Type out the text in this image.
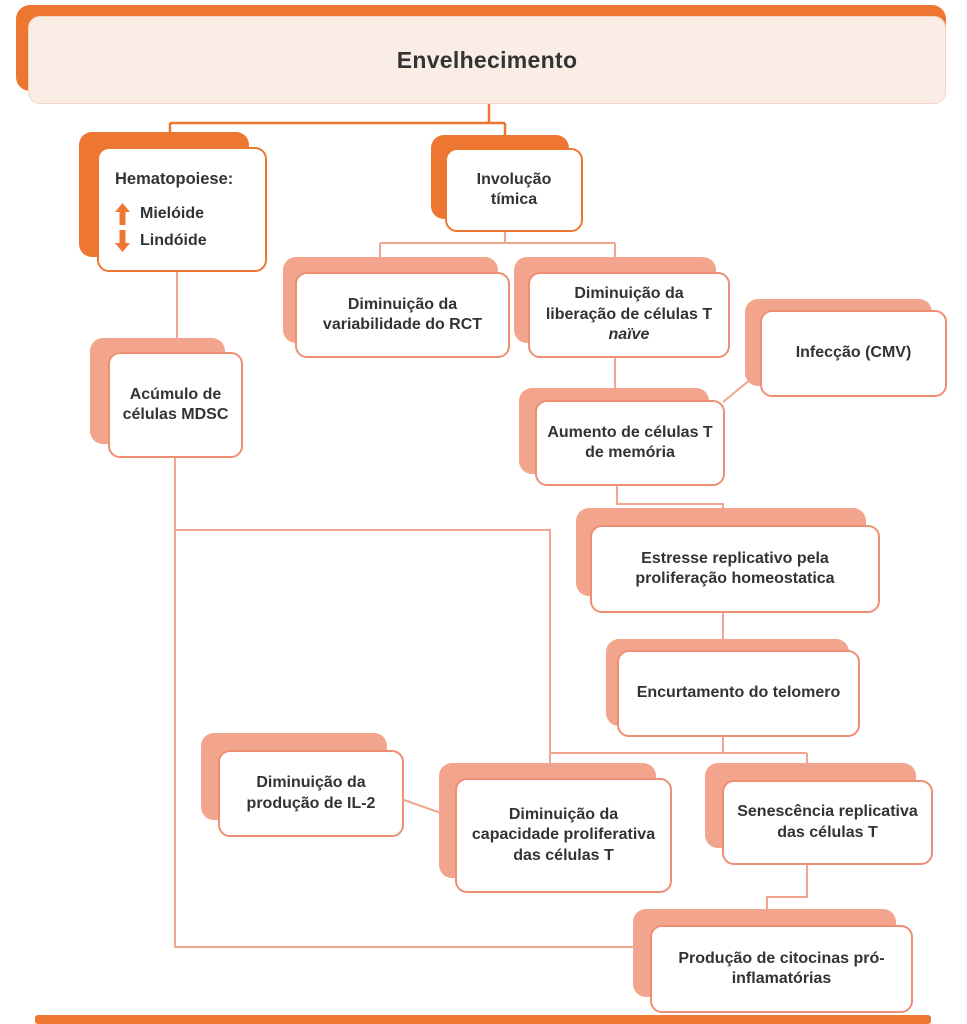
Envelhecimento
Hematopoiese:
Mielóide
Lindóide
Involução tímica
Diminuição da variabilidade do RCT
Diminuição da liberação de células T naïve
Infecção (CMV)
Acúmulo de células MDSC
Aumento de células T de memória
Estresse replicativo pela proliferação homeostatica
Encurtamento do telomero
Diminuição da produção de IL-2
Diminuição da capacidade proliferativa das células T
Senescência replicativa das células T
Produção de citocinas pró-inflamatórias
